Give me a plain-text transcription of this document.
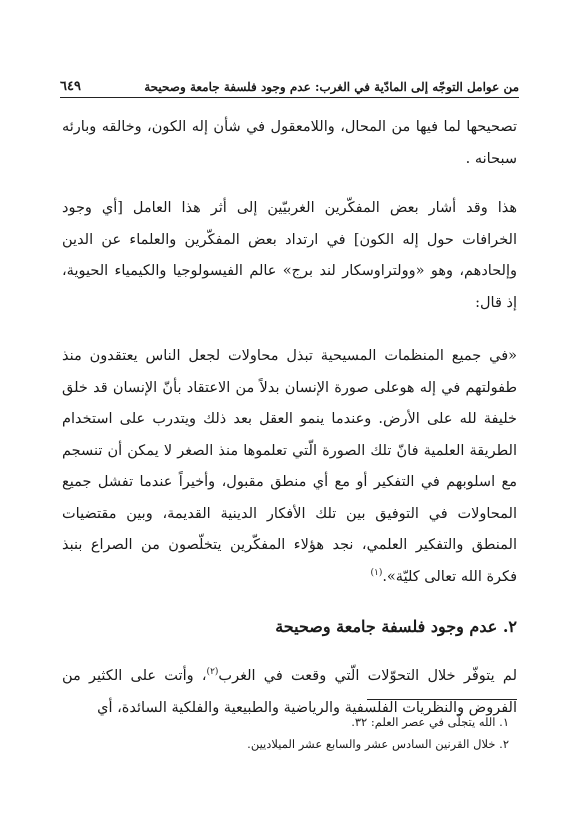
من عوامل التوجّه إلى المادّية في الغرب: عدم وجود فلسفة جامعة وصحيحة
٦٤٩

تصحيحها لما فيها من المحال، واللامعقول في شأن إله الكون، وخالقه وبارئه سبحانه .

هذا وقد أشار بعض المفكّرين الغربيّين إلى أثر هذا العامل [أي وجود الخرافات حول إله الكون] في ارتداد بعض المفكّرين والعلماء عن الدين وإلحادهم، وهو «وولتراوسكار لند برج» عالم الفيسولوجيا والكيمياء الحيوية، إذ قال:

«في جميع المنظمات المسيحية تبذل محاولات لجعل الناس يعتقدون منذ طفولتهم في إله هوعلى صورة الإنسان بدلاً من الاعتقاد بأنّ الإنسان قد خلق خليفة لله على الأرض. وعندما ينمو العقل بعد ذلك ويتدرب على استخدام الطريقة العلمية فانّ تلك الصورة الّتي تعلموها منذ الصغر لا يمكن أن تنسجم مع اسلوبهم في التفكير أو مع أي منطق مقبول، وأخيراً عندما تفشل جميع المحاولات في التوفيق بين تلك الأفكار الدينية القديمة، وبين مقتضيات المنطق والتفكير العلمي، نجد هؤلاء المفكّرين يتخلّصون من الصراع بنبذ فكرة الله تعالى كليّة».$^{(١)}$

٢. عدم وجود فلسفة جامعة وصحيحة

لم يتوفّر خلال التحوّلات الّتي وقعت في الغرب$^{(٢)}$، وأتت على الكثير من الفروض والنظريات الفلسفية والرياضية والطبيعية والفلكية السائدة، أي

١. الله يتجلّى في عصر العلم: ٣٢.
٢. خلال القرنين السادس عشر والسابع عشر الميلاديين.
